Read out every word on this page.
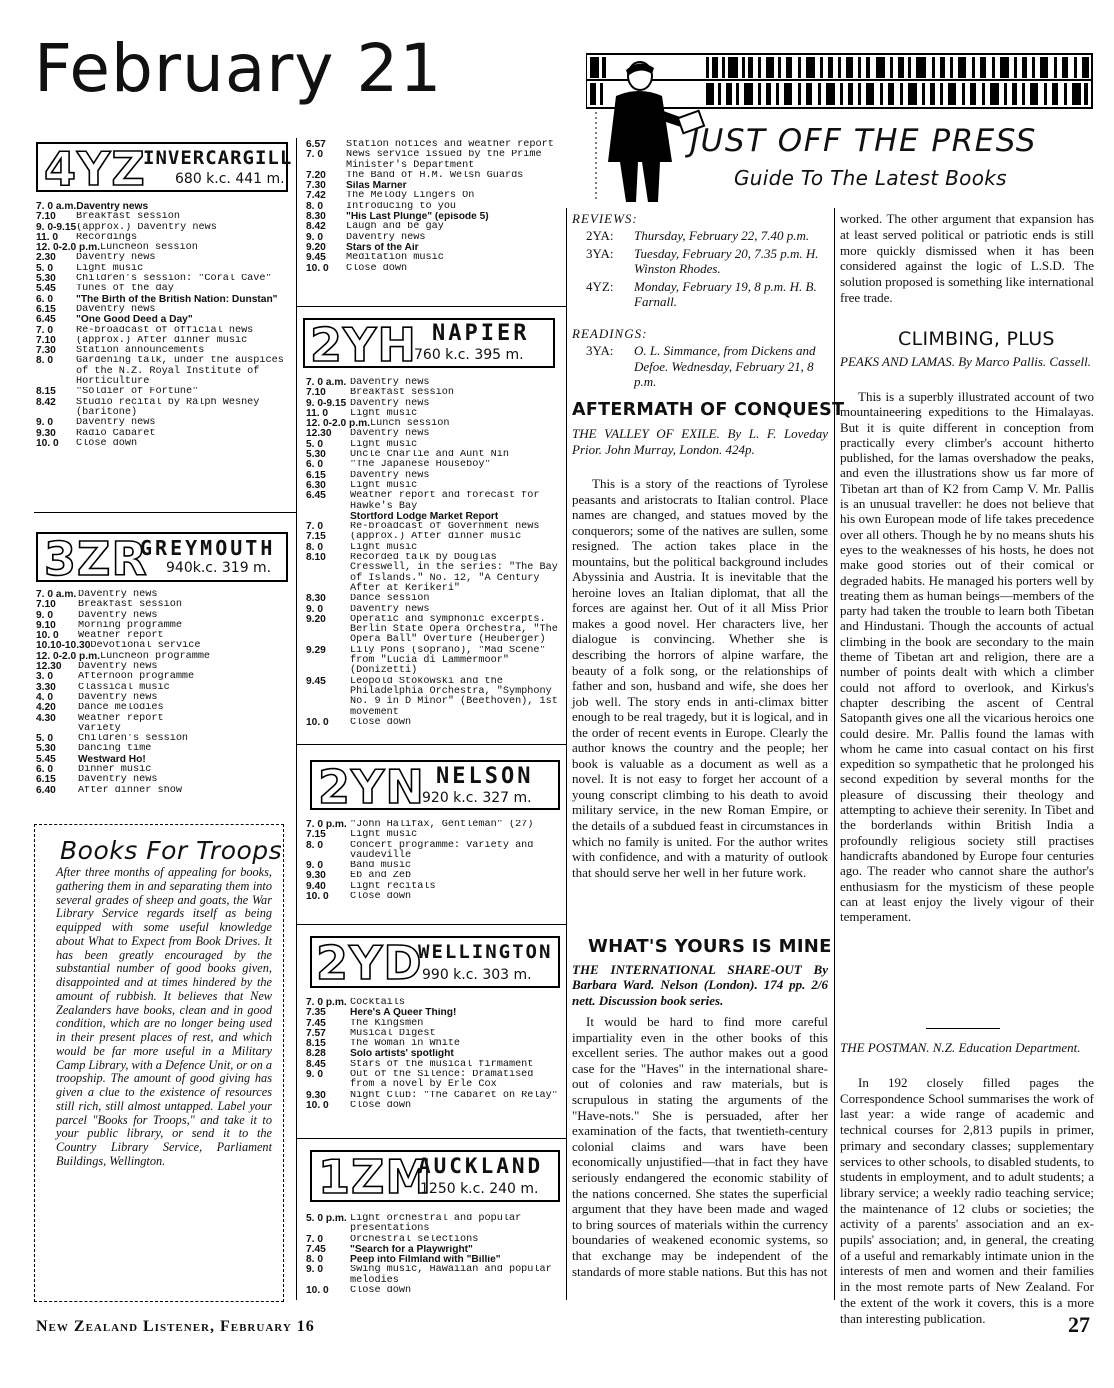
February 21
4YZ
INVERCARGILL
680 k.c. 441 m.
7. 0 a.m. Daventry news
7.10	Breakfast session
9. 0-9.15 (approx.) Daventry news
11. 0	Recordings
12. 0-2.0 p.m. Luncheon session
2.30	Daventry news
5. 0	Light music
5.30	Children's session: "Coral Cave"
5.45	Tunes of the day
6. 0	"The Birth of the British Nation: Dunstan"
6.15	Daventry news
6.45	"One Good Deed a Day"
7. 0	Re-broadcast of official news
7.10	(approx.) After dinner music
7.30	Station announcements
8. 0	Gardening talk, under the auspices of the N.Z. Royal Institute of Horticulture
8.15	"Soldier of Fortune"
8.42	Studio recital by Ralph Wesney (baritone)
9. 0	Daventry news
9.30	Radio Cabaret
10. 0	Close down
3ZR
GREYMOUTH
940k.c. 319 m.
7. 0 a.m. Daventry news
7.10	Breakfast session
9. 0	Daventry news
9.10	Morning programme
10. 0	Weather report
10.10-10.30 Devotional service
12. 0-2.0 p.m. Luncheon programme
12.30	Daventry news
3. 0	Afternoon programme
3.30	Classical music
4. 0	Daventry news
4.20	Dance melodies
4.30	Weather report
Variety
5. 0	Children's session
5.30	Dancing time
5.45	Westward Ho!
6. 0	Dinner music
6.15	Daventry news
6.40	After dinner show
Books For Troops
After three months of appealing for books, gathering them in and separating them into several grades of sheep and goats, the War Library Service regards itself as being equipped with some useful knowledge about What to Expect from Book Drives. It has been greatly encouraged by the substantial number of good books given, disappointed and at times hindered by the amount of rubbish. It believes that New Zealanders have books, clean and in good condition, which are no longer being used in their present places of rest, and which would be far more useful in a Military Camp Library, with a Defence Unit, or on a troopship. The amount of good giving has given a clue to the existence of resources still rich, still almost untapped. Label your parcel "Books for Troops," and take it to your public library, or send it to the Country Library Service, Parliament Buildings, Wellington.
6.57	Station notices and weather report
7. 0	News service issued by the Prime Minister's Department
7.20	The Band of H.M. Welsh Guards
7.30	Silas Marner
7.42	The Melody Lingers On
8. 0	Introducing to you
8.30	"His Last Plunge" (episode 5)
8.42	Laugh and be gay
9. 0	Daventry news
9.20	Stars of the Air
9.45	Meditation music
10. 0	Close down
2YH NAPIER
760 k.c. 395 m.
7. 0 a.m. Daventry news
7.10	Breakfast session
9. 0-9.15 Daventry news
11. 0	Light music
12. 0-2.0 p.m. Lunch session
12.30	Daventry news
5. 0	Light music
5.30	Uncle Charlie and Aunt Nin
6. 0	"The Japanese Houseboy"
6.15	Daventry news
6.30	Light music
6.45	Weather report and forecast for Hawke's Bay
Stortford Lodge Market Report
7. 0	Re-broadcast of Government news
7.15	(approx.) After dinner music
8. 0	Light music
8.10	Recorded talk by Douglas Cresswell, in the series: "The Bay of Islands." No. 12, "A Century After at Kerikeri"
8.30	Dance session
9. 0	Daventry news
9.20	Operatic and symphonic excerpts. Berlin State Opera Orchestra, "The Opera Ball" Overture (Heuberger)
9.29	Lily Pons (soprano), "Mad Scene" from "Lucia di Lammermoor" (Donizetti)
9.45	Leopold Stokowski and the Philadelphia Orchestra, "Symphony No. 9 in D Minor" (Beethoven), 1st movement
10. 0	Close down
2YN NELSON
920 k.c. 327 m.
7. 0 p.m. "John Halifax, Gentleman" (27)
7.15	Light music
8. 0	Concert programme: Variety and vaudeville
9. 0	Band music
9.30	Eb and Zeb
9.40	Light recitals
10. 0	Close down
2YD
WELLINGTON
990 k.c. 303 m.
7. 0 p.m. Cocktails
7.35	Here's A Queer Thing!
7.45	The Kingsmen
7.57	Musical Digest
8.15	The Woman in White
8.28	Solo artists' spotlight
8.45	Stars of the musical firmament
9. 0	Out of the Silence: Dramatised from a novel by Erle Cox
9.30	Night Club: "The Cabaret on Relay"
10. 0	Close down
1ZM
AUCKLAND
1250 k.c. 240 m.
5. 0 p.m. Light orchestral and popular presentations
7. 0	Orchestral selections
7.45	"Search for a Playwright"
8. 0	Peep into Filmland with "Billie"
9. 0	Swing music, Hawaiian and popular melodies
10. 0	Close down
JUST OFF THE PRESS
Guide To The Latest Books
REVIEWS:
2YA:	Thursday, February 22, 7.40 p.m.
3YA:	Tuesday, February 20, 7.35 p.m. H. Winston Rhodes.
4YZ:	Monday, February 19, 8 p.m. H. B. Farnall.
READINGS:
3YA:	O. L. Simmance, from Dickens and Defoe. Wednesday, February 21, 8 p.m.
AFTERMATH OF CONQUEST
THE VALLEY OF EXILE. By L. F. Loveday Prior. John Murray, London. 424p.
This is a story of the reactions of Tyrolese peasants and aristocrats to Italian control. Place names are changed, and statues moved by the conquerors; some of the natives are sullen, some resigned. The action takes place in the mountains, but the political background includes Abyssinia and Austria. It is inevitable that the heroine loves an Italian diplomat, that all the forces are against her. Out of it all Miss Prior makes a good novel. Her characters live, her dialogue is convincing. Whether she is describing the horrors of alpine warfare, the beauty of a folk song, or the relationships of father and son, husband and wife, she does her job well. The story ends in anti-climax bitter enough to be real tragedy, but it is logical, and in the order of recent events in Europe. Clearly the author knows the country and the people; her book is valuable as a document as well as a novel. It is not easy to forget her account of a young conscript climbing to his death to avoid military service, in the new Roman Empire, or the details of a subdued feast in circumstances in which no family is united. For the author writes with confidence, and with a maturity of outlook that should serve her well in her future work.
WHAT'S YOURS IS MINE
THE INTERNATIONAL SHARE-OUT By Barbara Ward. Nelson (London). 174 pp. 2/6 nett. Discussion book series.
It would be hard to find more careful impartiality even in the other books of this excellent series. The author makes out a good case for the "Haves" in the international share-out of colonies and raw materials, but is scrupulous in stating the arguments of the "Have-nots." She is persuaded, after her examination of the facts, that twentieth-century colonial claims and wars have been economically unjustified—that in fact they have seriously endangered the economic stability of the nations concerned. She states the superficial argument that they have been made and waged to bring sources of materials within the currency boundaries of weakened economic systems, so that exchange may be independent of the standards of more stable nations. But this has not
worked. The other argument that expansion has at least served political or patriotic ends is still more quickly dismissed when it has been considered against the logic of L.S.D. The solution proposed is something like international free trade.
CLIMBING, PLUS
PEAKS AND LAMAS. By Marco Pallis. Cassell.
This is a superbly illustrated account of two mountaineering expeditions to the Himalayas. But it is quite different in conception from practically every climber's account hitherto published, for the lamas overshadow the peaks, and even the illustrations show us far more of Tibetan art than of K2 from Camp V. Mr. Pallis is an unusual traveller: he does not believe that his own European mode of life takes precedence over all others. Though he by no means shuts his eyes to the weaknesses of his hosts, he does not make good stories out of their comical or degraded habits. He managed his porters well by treating them as human beings—members of the party had taken the trouble to learn both Tibetan and Hindustani. Though the accounts of actual climbing in the book are secondary to the main theme of Tibetan art and religion, there are a number of points dealt with which a climber could not afford to overlook, and Kirkus's chapter describing the ascent of Central Satopanth gives one all the vicarious heroics one could desire. Mr. Pallis found the lamas with whom he came into casual contact on his first expedition so sympathetic that he prolonged his second expedition by several months for the pleasure of discussing their theology and attempting to achieve their serenity. In Tibet and the borderlands within British India a profoundly religious society still practises handicrafts abandoned by Europe four centuries ago. The reader who cannot share the author's enthusiasm for the mysticism of these people can at least enjoy the lively vigour of their temperament.
THE POSTMAN. N.Z. Education Department.
In 192 closely filled pages the Correspondence School summarises the work of last year: a wide range of academic and technical courses for 2,813 pupils in primer, primary and secondary classes; supplementary services to other schools, to disabled students, to students in employment, and to adult students; a library service; a weekly radio teaching service; the maintenance of 12 clubs or societies; the activity of a parents' association and an ex-pupils' association; and, in general, the creating of a useful and remarkably intimate union in the interests of men and women and their families in the most remote parts of New Zealand. For the extent of the work it covers, this is a more than interesting publication.
New Zealand Listener, February 16	27
